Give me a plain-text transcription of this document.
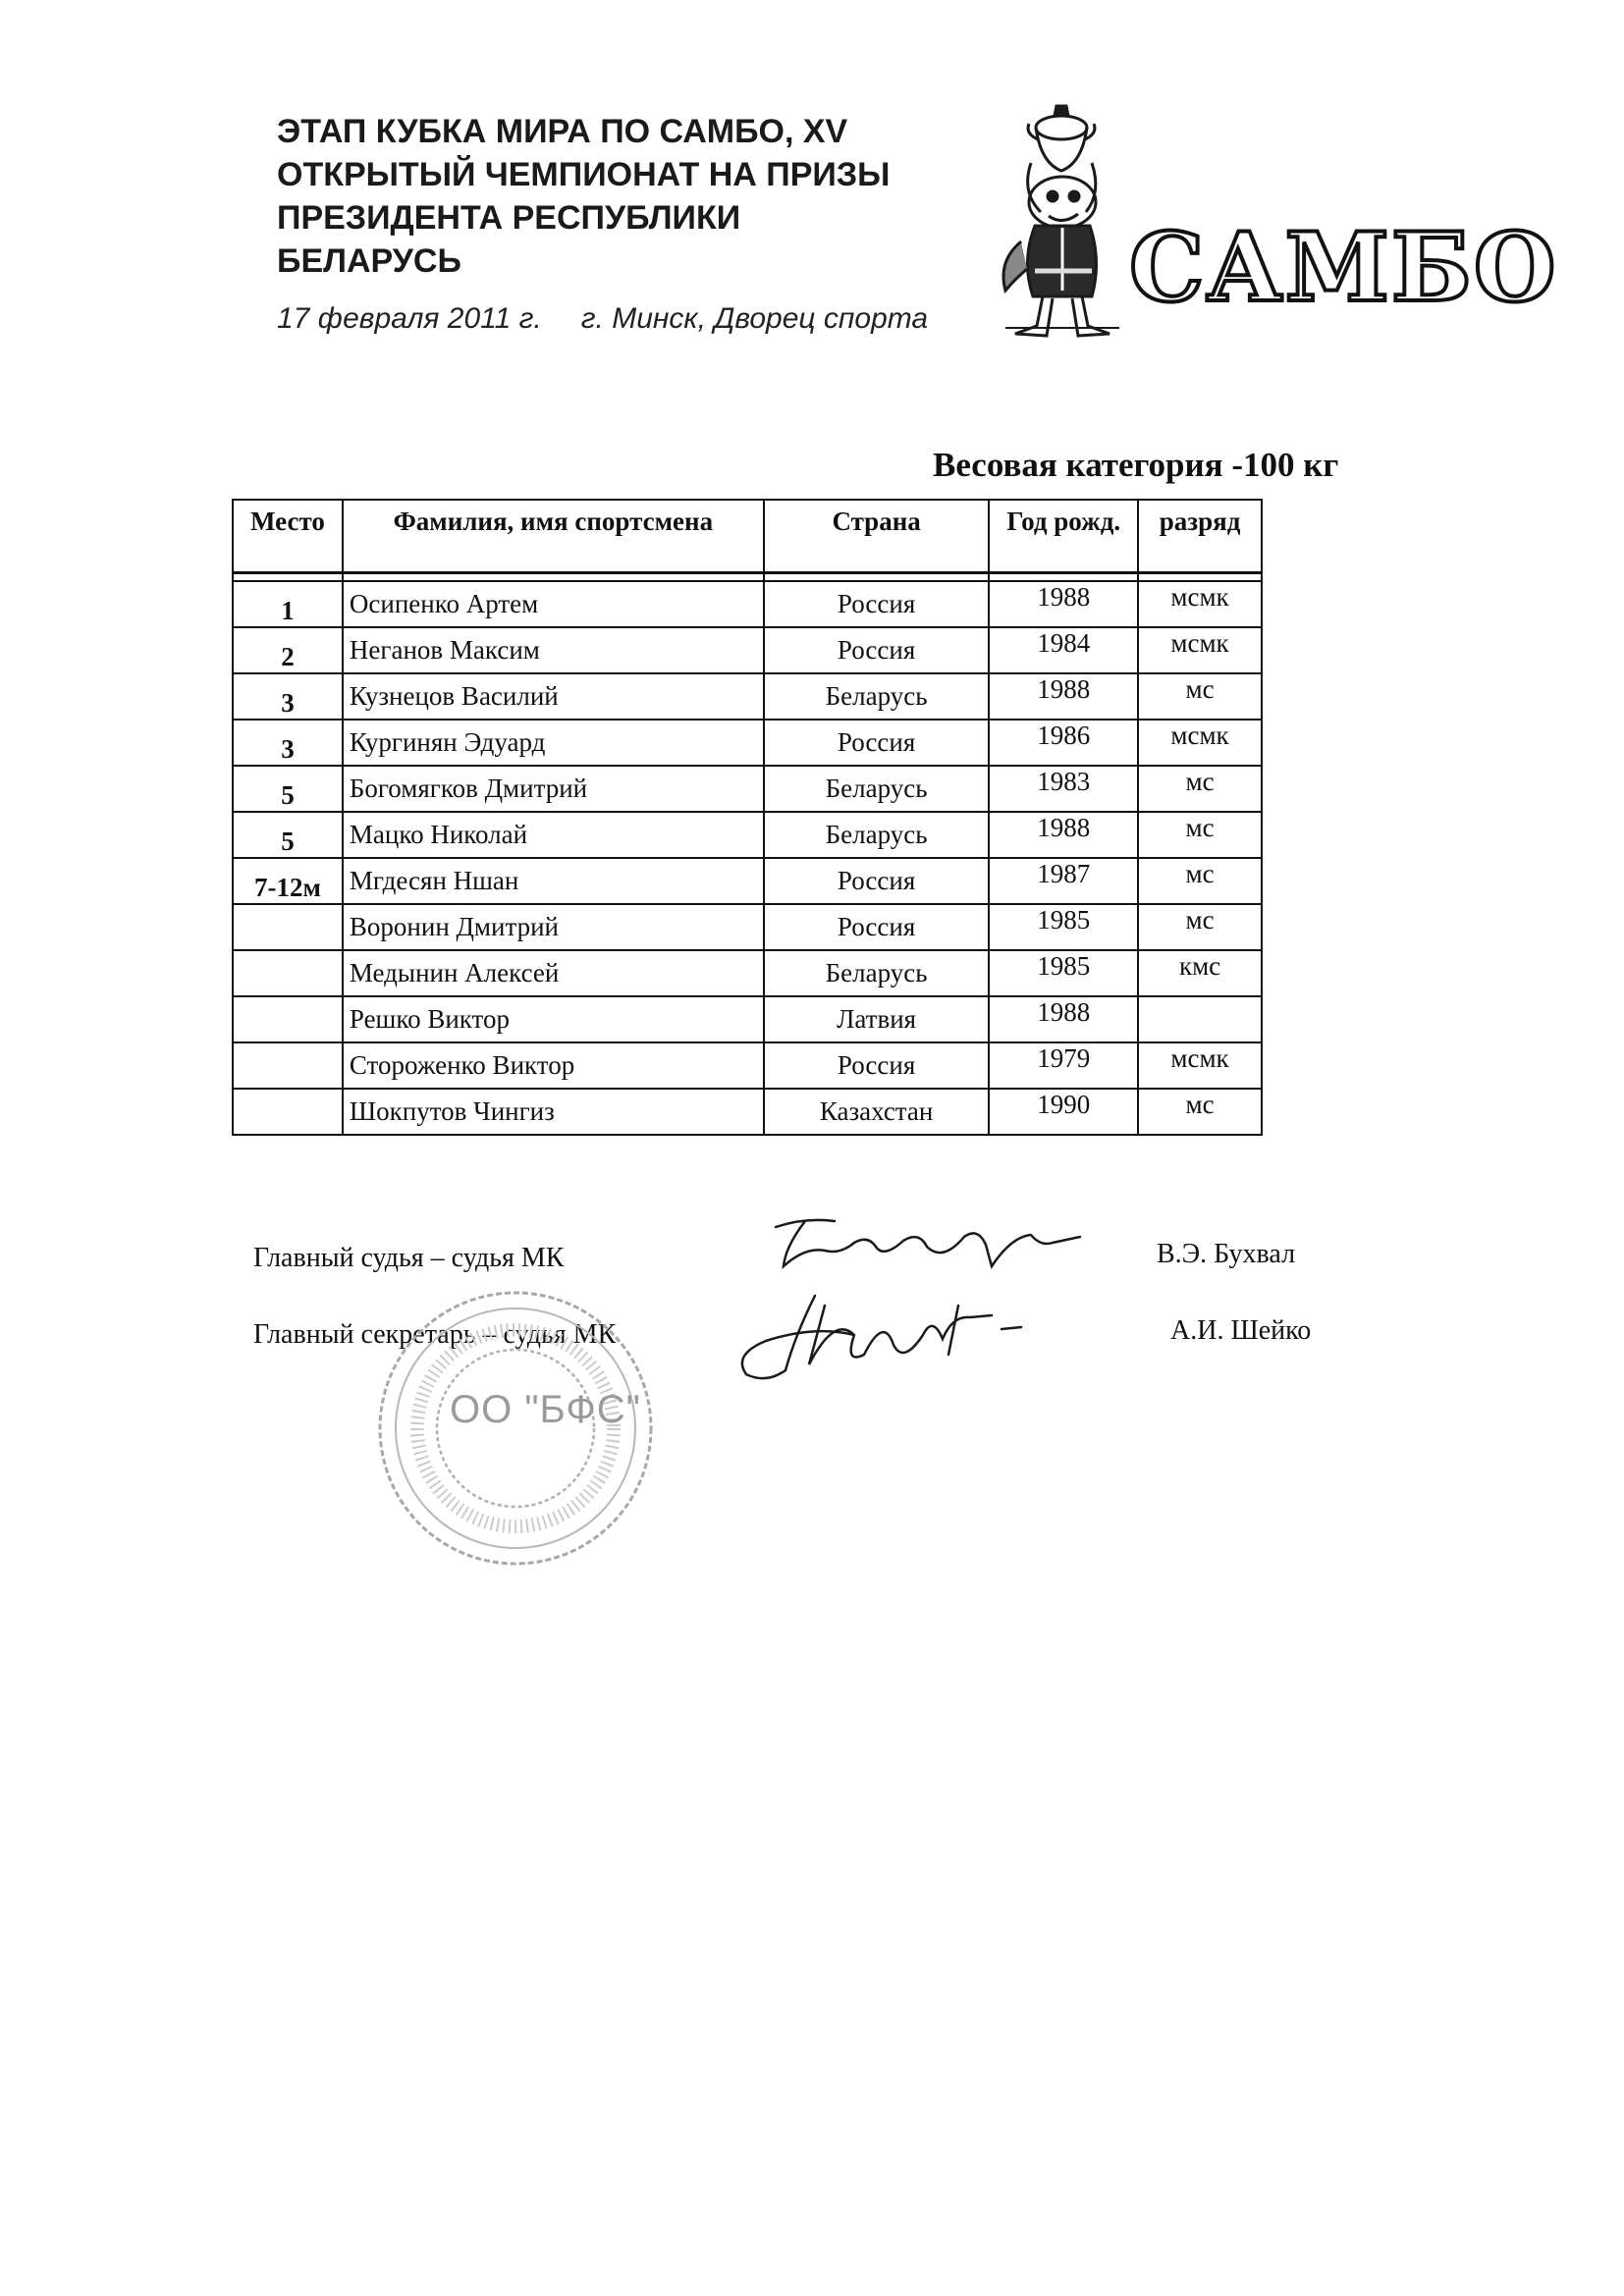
ЭТАП КУБКА МИРА ПО САМБО, XV
ОТКРЫТЫЙ ЧЕМПИОНАТ НА ПРИЗЫ
ПРЕЗИДЕНТА РЕСПУБЛИКИ
БЕЛАРУСЬ
17 февраля 2011 г. г. Минск, Дворец спорта САМБО
Весовая категория -100 кг
Место	Фамилия, имя спортсмена	Страна	Год рожд.	разряд

1	Осипенко Артем	Россия	1988	мсмк
2	Неганов Максим	Россия	1984	мсмк
3	Кузнецов Василий	Беларусь	1988	мс
3	Кургинян Эдуард	Россия	1986	мсмк
5	Богомягков Дмитрий	Беларусь	1983	мс
5	Мацко Николай	Беларусь	1988	мс
7-12м	Мгдесян Ншан	Россия	1987	мс
	Воронин Дмитрий	Россия	1985	мс
	Медынин Алексей	Беларусь	1985	кмс
	Решко Виктор	Латвия	1988	
	Стороженко Виктор	Россия	1979	мсмк
	Шокпутов Чингиз	Казахстан	1990	мс
Главный судья – судья МК	В.Э. Бухвал
Главный секретарь – судья МК	А.И. Шейко
ОО "БФС"
